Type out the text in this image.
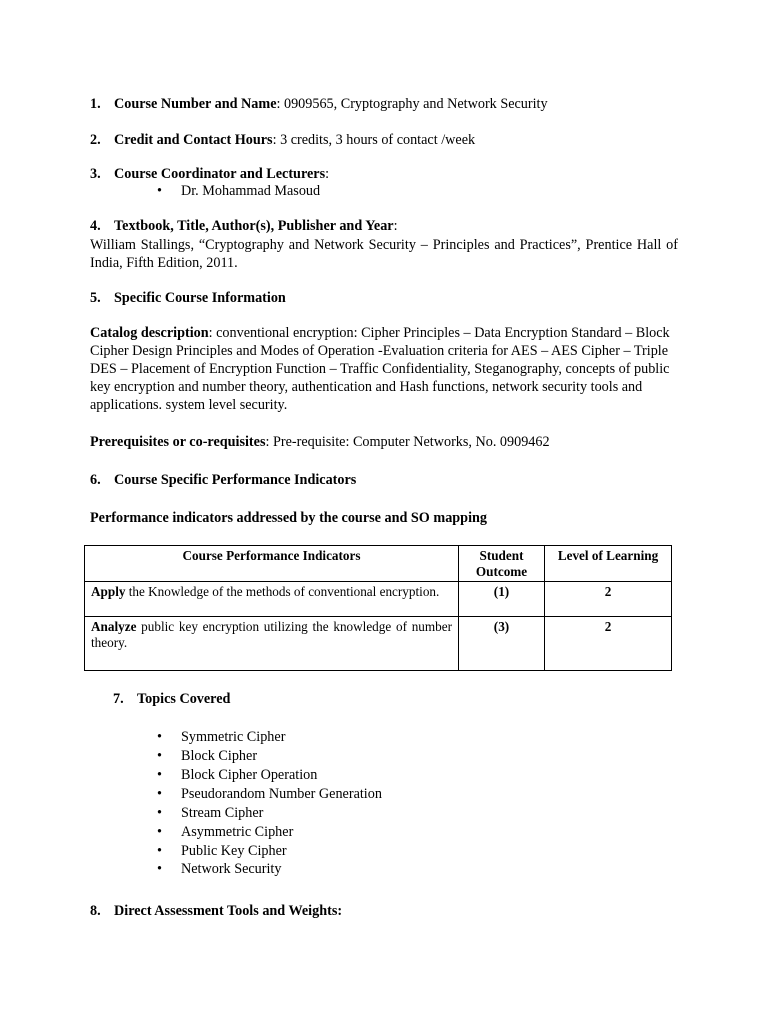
1. Course Number and Name: 0909565, Cryptography and Network Security
2. Credit and Contact Hours: 3 credits, 3 hours of contact /week
3. Course Coordinator and Lecturers:
• Dr. Mohammad Masoud
4. Textbook, Title, Author(s), Publisher and Year:
William Stallings, “Cryptography and Network Security – Principles and Practices”, Prentice Hall of India, Fifth Edition, 2011.
5. Specific Course Information
Catalog description: conventional encryption: Cipher Principles – Data Encryption Standard – Block Cipher Design Principles and Modes of Operation -Evaluation criteria for AES – AES Cipher – Triple DES – Placement of Encryption Function – Traffic Confidentiality, Steganography, concepts of public key encryption and number theory, authentication and Hash functions, network security tools and applications. system level security.
Prerequisites or co-requisites: Pre-requisite: Computer Networks, No. 0909462
6. Course Specific Performance Indicators
Performance indicators addressed by the course and SO mapping
Course Performance Indicators	Student Outcome	Level of Learning
Apply the Knowledge of the methods of conventional encryption.	(1)	2
Analyze public key encryption utilizing the knowledge of number theory.	(3)	2
7. Topics Covered
• Symmetric Cipher
• Block Cipher
• Block Cipher Operation
• Pseudorandom Number Generation
• Stream Cipher
• Asymmetric Cipher
• Public Key Cipher
• Network Security
8. Direct Assessment Tools and Weights:
